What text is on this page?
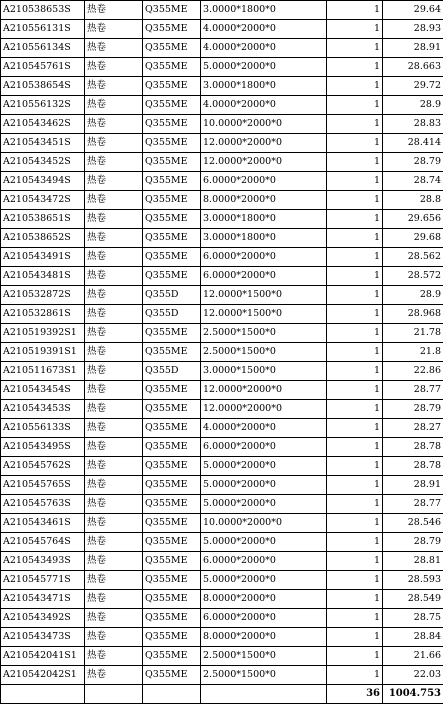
A210538653S	热卷	Q355ME	3.0000*1800*0	1	29.64
A210556131S	热卷	Q355ME	4.0000*2000*0	1	28.93
A210556134S	热卷	Q355ME	4.0000*2000*0	1	28.91
A210545761S	热卷	Q355ME	5.0000*2000*0	1	28.663
A210538654S	热卷	Q355ME	3.0000*1800*0	1	29.72
A210556132S	热卷	Q355ME	4.0000*2000*0	1	28.9
A210543462S	热卷	Q355ME	10.0000*2000*0	1	28.83
A210543451S	热卷	Q355ME	12.0000*2000*0	1	28.414
A210543452S	热卷	Q355ME	12.0000*2000*0	1	28.79
A210543494S	热卷	Q355ME	6.0000*2000*0	1	28.74
A210543472S	热卷	Q355ME	8.0000*2000*0	1	28.8
A210538651S	热卷	Q355ME	3.0000*1800*0	1	29.656
A210538652S	热卷	Q355ME	3.0000*1800*0	1	29.68
A210543491S	热卷	Q355ME	6.0000*2000*0	1	28.562
A210543481S	热卷	Q355ME	6.0000*2000*0	1	28.572
A210532872S	热卷	Q355D	12.0000*1500*0	1	28.9
A210532861S	热卷	Q355D	12.0000*1500*0	1	28.968
A210519392S1	热卷	Q355ME	2.5000*1500*0	1	21.78
A210519391S1	热卷	Q355ME	2.5000*1500*0	1	21.8
A210511673S1	热卷	Q355D	3.0000*1500*0	1	22.86
A210543454S	热卷	Q355ME	12.0000*2000*0	1	28.77
A210543453S	热卷	Q355ME	12.0000*2000*0	1	28.79
A210556133S	热卷	Q355ME	4.0000*2000*0	1	28.27
A210543495S	热卷	Q355ME	6.0000*2000*0	1	28.78
A210545762S	热卷	Q355ME	5.0000*2000*0	1	28.78
A210545765S	热卷	Q355ME	5.0000*2000*0	1	28.91
A210545763S	热卷	Q355ME	5.0000*2000*0	1	28.77
A210543461S	热卷	Q355ME	10.0000*2000*0	1	28.546
A210545764S	热卷	Q355ME	5.0000*2000*0	1	28.79
A210543493S	热卷	Q355ME	6.0000*2000*0	1	28.81
A210545771S	热卷	Q355ME	5.0000*2000*0	1	28.593
A210543471S	热卷	Q355ME	8.0000*2000*0	1	28.549
A210543492S	热卷	Q355ME	6.0000*2000*0	1	28.75
A210543473S	热卷	Q355ME	8.0000*2000*0	1	28.84
A210542041S1	热卷	Q355ME	2.5000*1500*0	1	21.66
A210542042S1	热卷	Q355ME	2.5000*1500*0	1	22.03
				36	1004.753
